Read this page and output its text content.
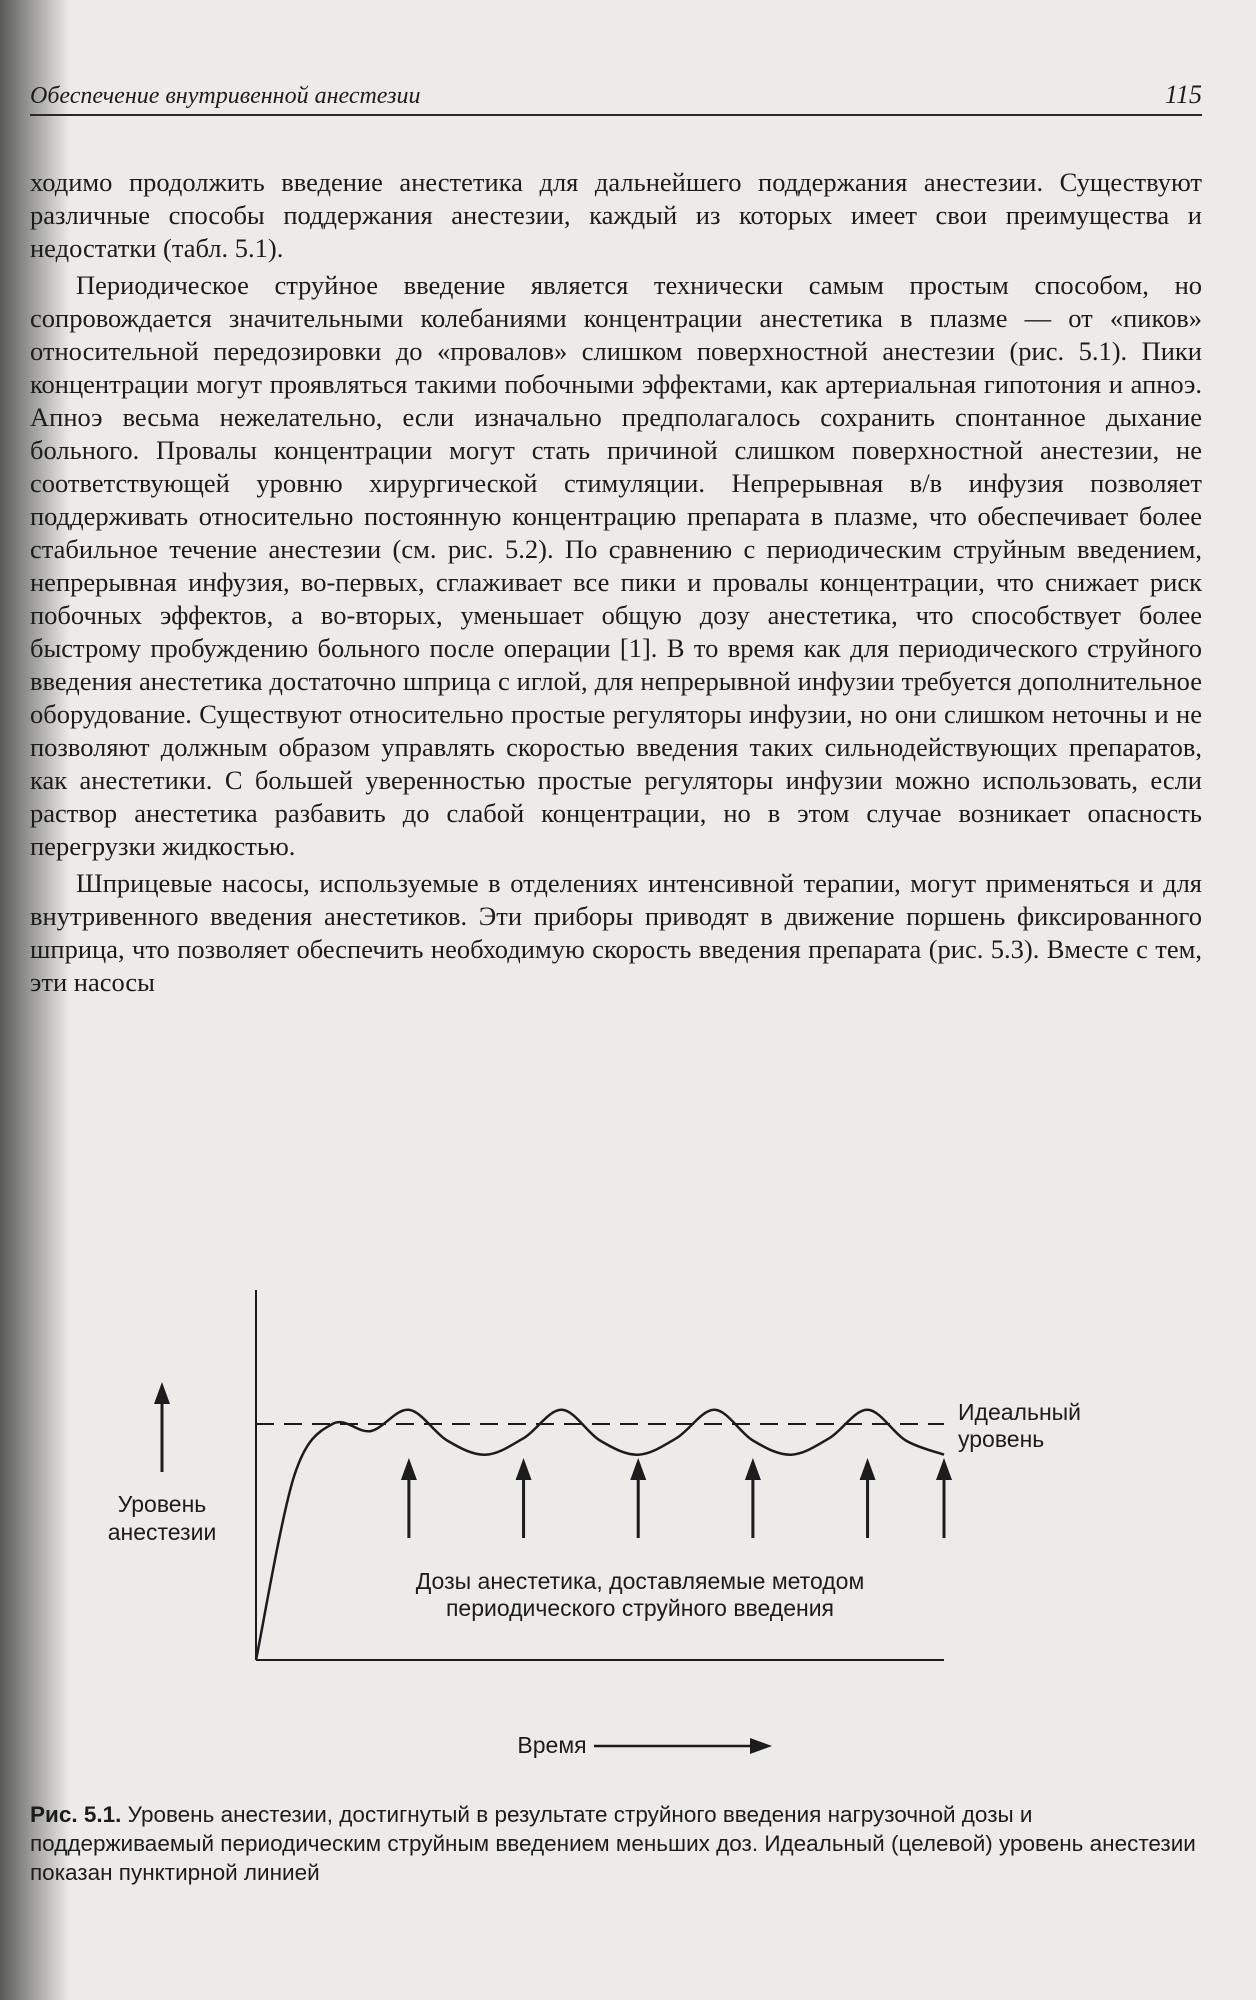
Обеспечение внутривенной анестезии	115

ходимо продолжить введение анестетика для дальнейшего поддержания анестезии. Существуют различные способы поддержания анестезии, каждый из которых имеет свои преимущества и недостатки (табл. 5.1).

Периодическое струйное введение является технически самым простым способом, но сопровождается значительными колебаниями концентрации анестетика в плазме — от «пиков» относительной передозировки до «провалов» слишком поверхностной анестезии (рис. 5.1). Пики концентрации могут проявляться такими побочными эффектами, как артериальная гипотония и апноэ. Апноэ весьма нежелательно, если изначально предполагалось сохранить спонтанное дыхание больного. Провалы концентрации могут стать причиной слишком поверхностной анестезии, не соответствующей уровню хирургической стимуляции. Непрерывная в/в инфузия позволяет поддерживать относительно постоянную концентрацию препарата в плазме, что обеспечивает более стабильное течение анестезии (см. рис. 5.2). По сравнению с периодическим струйным введением, непрерывная инфузия, во-первых, сглаживает все пики и провалы концентрации, что снижает риск побочных эффектов, а во-вторых, уменьшает общую дозу анестетика, что способствует более быстрому пробуждению больного после операции [1]. В то время как для периодического струйного введения анестетика достаточно шприца с иглой, для непрерывной инфузии требуется дополнительное оборудование. Существуют относительно простые регуляторы инфузии, но они слишком неточны и не позволяют должным образом управлять скоростью введения таких сильнодействующих препаратов, как анестетики. С большей уверенностью простые регуляторы инфузии можно использовать, если раствор анестетика разбавить до слабой концентрации, но в этом случае возникает опасность перегрузки жидкостью.

Шприцевые насосы, используемые в отделениях интенсивной терапии, могут применяться и для внутривенного введения анестетиков. Эти приборы приводят в движение поршень фиксированного шприца, что позволяет обеспечить необходимую скорость введения препарата (рис. 5.3). Вместе с тем, эти насосы

Уровень
анестезии
Идеальный
уровень
Дозы анестетика, доставляемые методом
периодического струйного введения
Время
Рис. 5.1. Уровень анестезии, достигнутый в результате струйного введения нагрузочной дозы и поддерживаемый периодическим струйным введением меньших доз. Идеальный (целевой) уровень анестезии показан пунктирной линией
